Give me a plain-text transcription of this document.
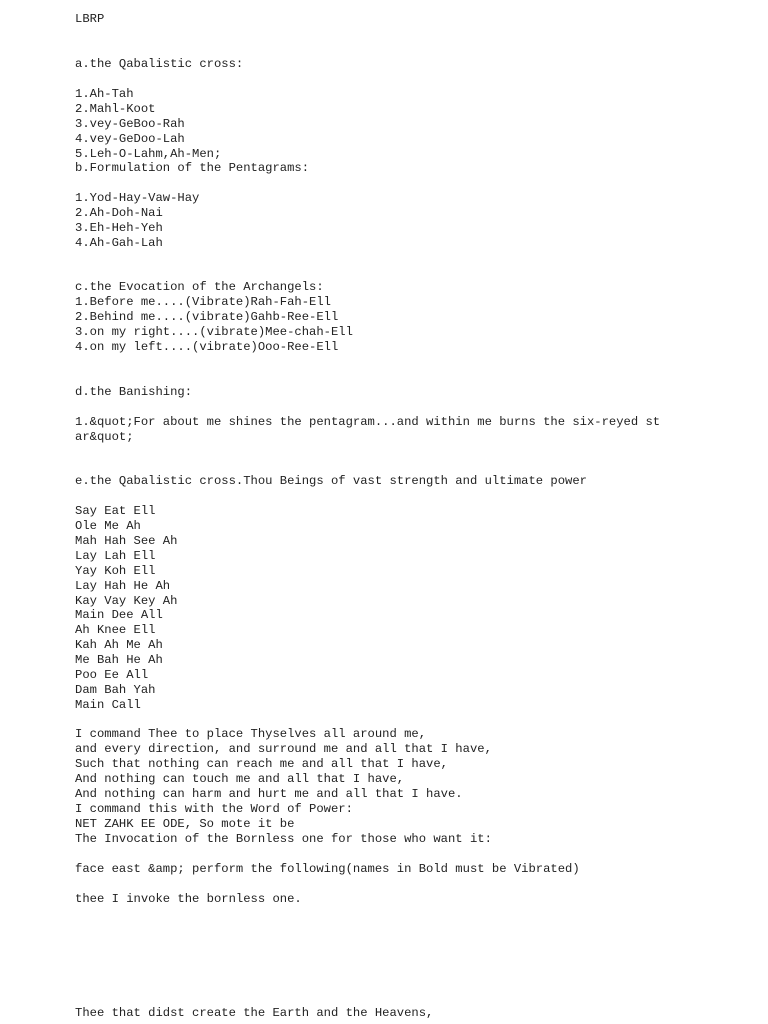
LBRP

a.the Qabalistic cross:

1.Ah-Tah

2.Mahl-Koot

3.vey-GeBoo-Rah

4.vey-GeDoo-Lah

5.Leh-O-Lahm,Ah-Men;

b.Formulation of the Pentagrams:

1.Yod-Hay-Vaw-Hay

2.Ah-Doh-Nai

3.Eh-Heh-Yeh

4.Ah-Gah-Lah

c.the Evocation of the Archangels:

1.Before me....(Vibrate)Rah-Fah-Ell

2.Behind me....(vibrate)Gahb-Ree-Ell

3.on my right....(vibrate)Mee-chah-Ell

4.on my left....(vibrate)Ooo-Ree-Ell

d.the Banishing:

1.&quot;For about me shines the pentagram...and within me burns the six-reyed st

ar&quot;

e.the Qabalistic cross.Thou Beings of vast strength and ultimate power

Say Eat Ell

Ole Me Ah

Mah Hah See Ah

Lay Lah Ell

Yay Koh Ell

Lay Hah He Ah

Kay Vay Key Ah

Main Dee All

Ah Knee Ell

Kah Ah Me Ah

Me Bah He Ah

Poo Ee All

Dam Bah Yah

Main Call

I command Thee to place Thyselves all around me,

and every direction, and surround me and all that I have,

Such that nothing can reach me and all that I have,

And nothing can touch me and all that I have,

And nothing can harm and hurt me and all that I have.

I command this with the Word of Power:

NET ZAHK EE ODE, So mote it be

The Invocation of the Bornless one for those who want it:

face east &amp; perform the following(names in Bold must be Vibrated)

thee I invoke the bornless one.

Thee that didst create the Earth and the Heavens,
